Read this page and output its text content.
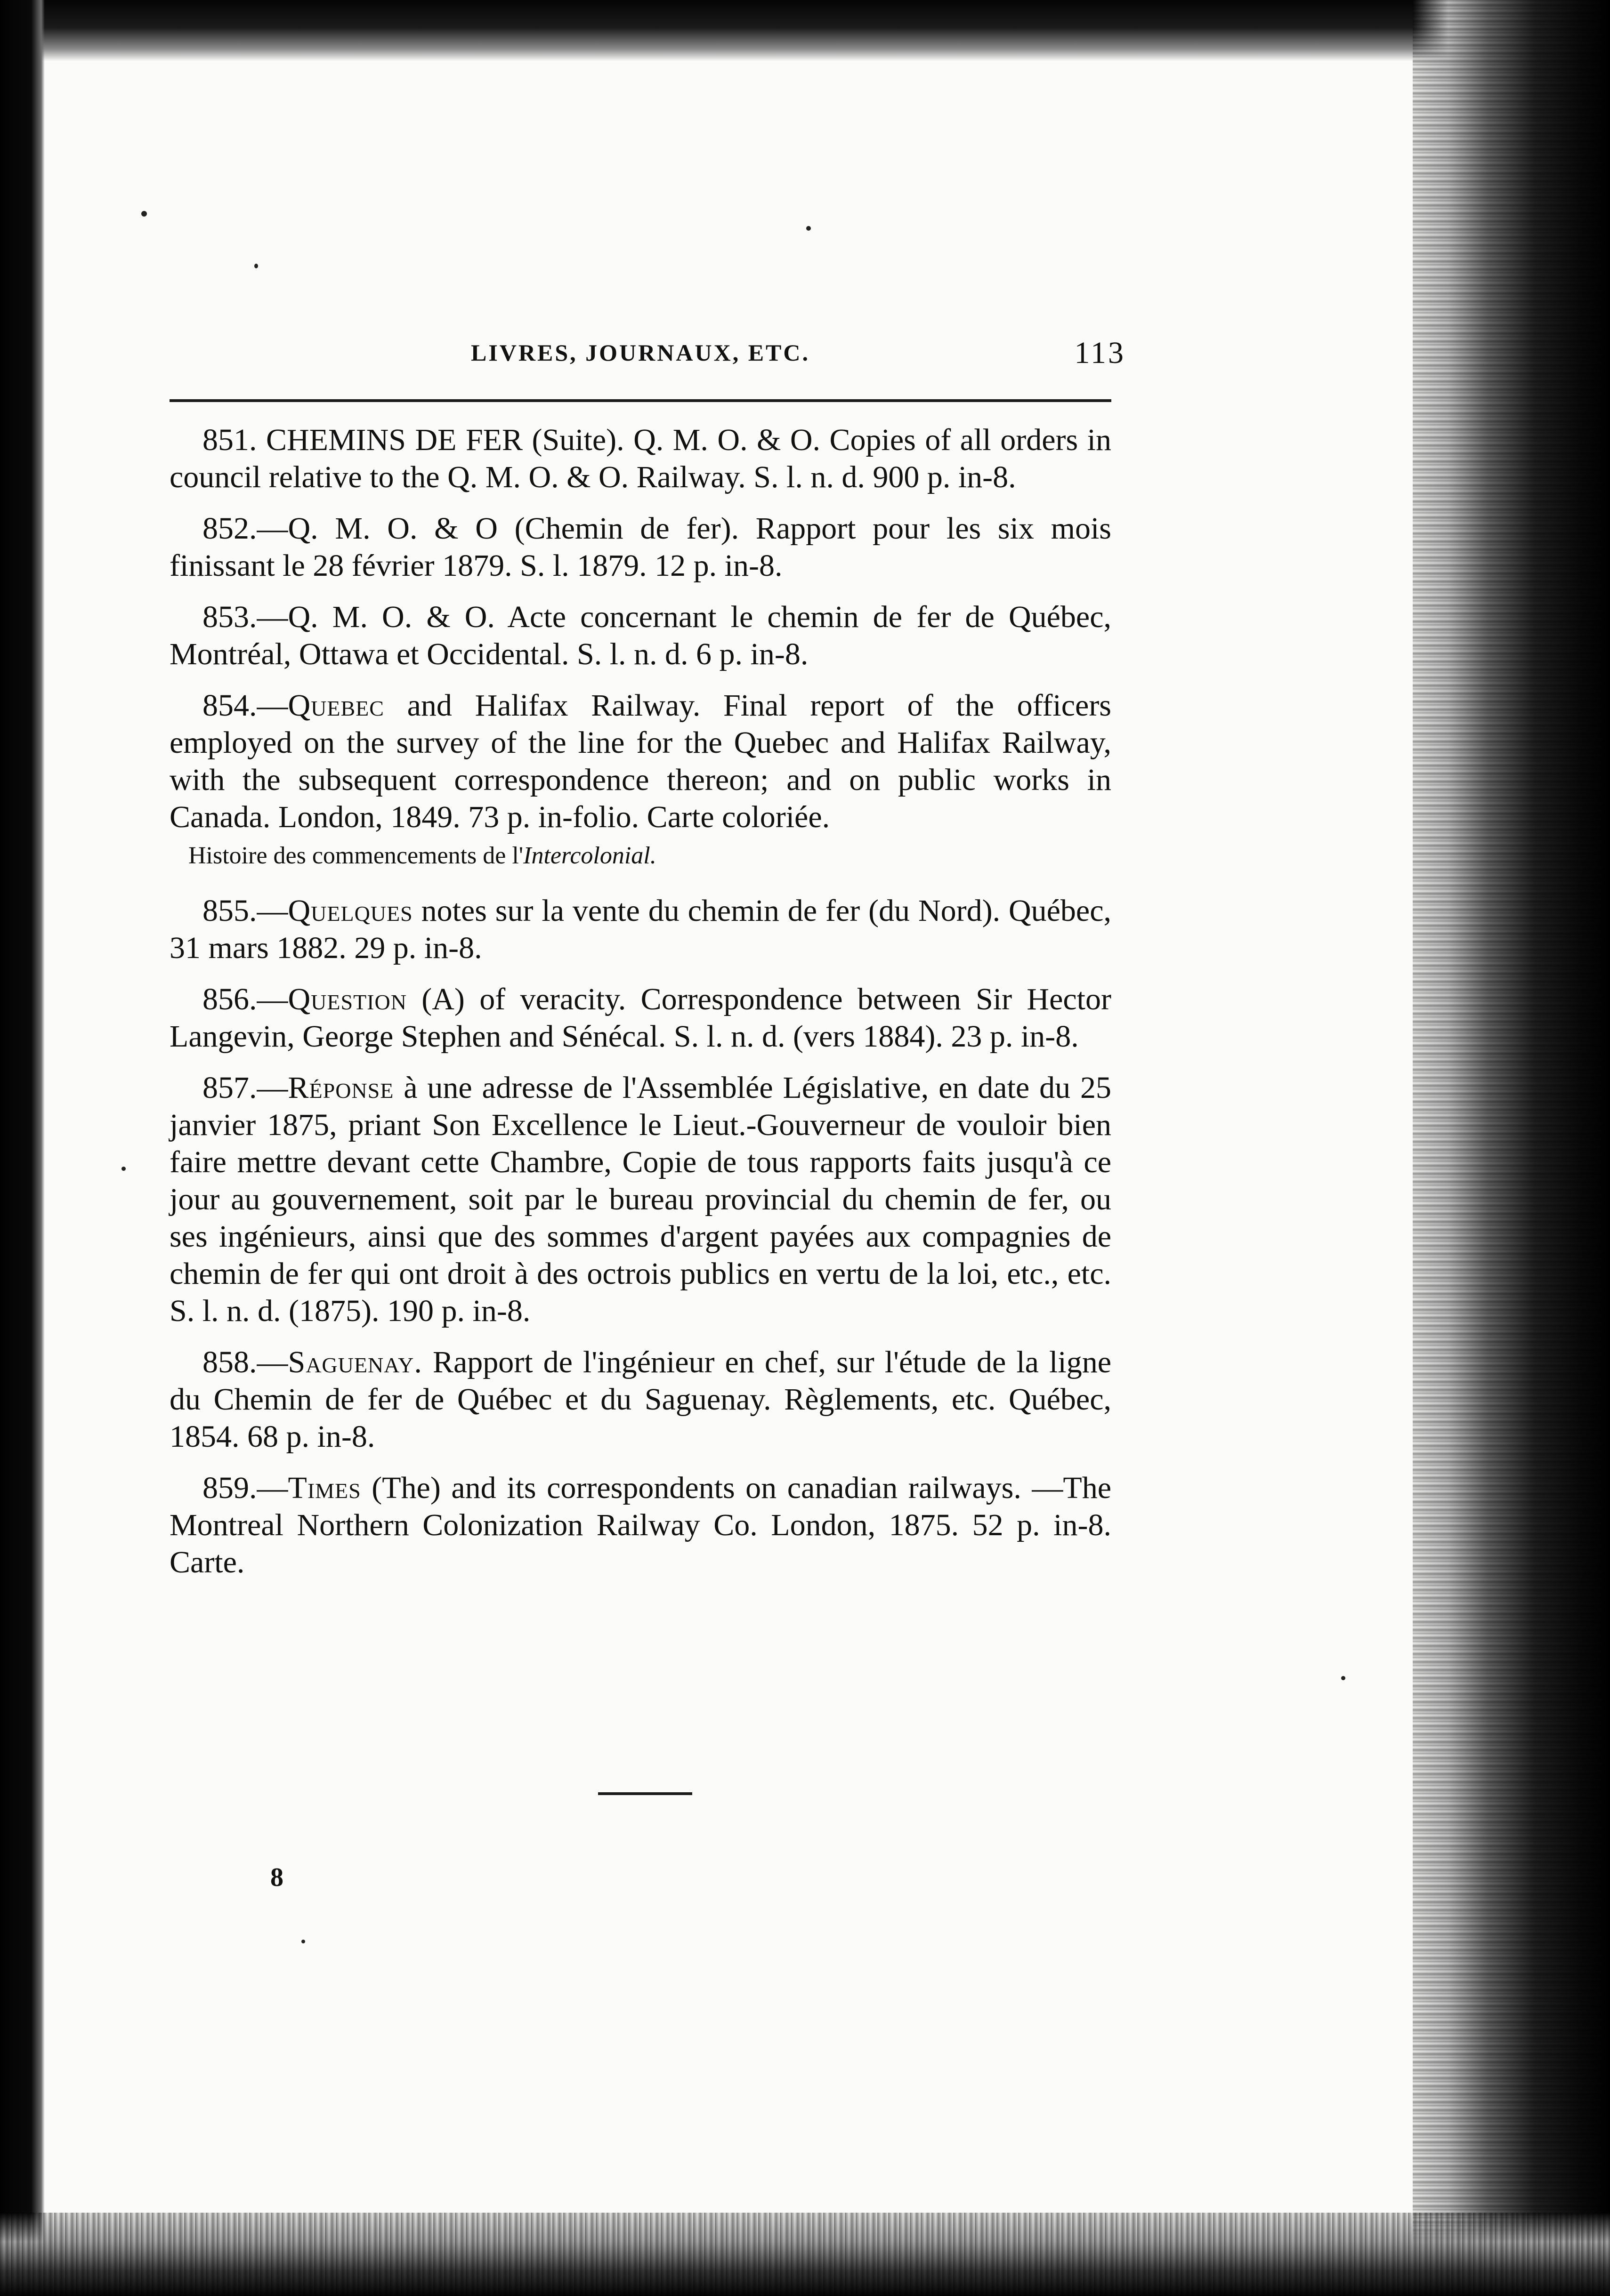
LIVRES, JOURNAUX, ETC.	113

851. CHEMINS DE FER (Suite). Q. M. O. & O. Copies of all orders in council relative to the Q. M. O. & O. Railway. S. l. n. d. 900 p. in-8.

852.—Q. M. O. & O (Chemin de fer). Rapport pour les six mois finissant le 28 février 1879. S. l. 1879. 12 p. in-8.

853.—Q. M. O. & O. Acte concernant le chemin de fer de Québec, Montréal, Ottawa et Occidental. S. l. n. d. 6 p. in-8.

854.—Quebec and Halifax Railway. Final report of the officers employed on the survey of the line for the Quebec and Halifax Railway, with the subsequent correspondence thereon; and on public works in Canada. London, 1849. 73 p. in-folio. Carte coloriée.

Histoire des commencements de l'Intercolonial.

855.—Quelques notes sur la vente du chemin de fer (du Nord). Québec, 31 mars 1882. 29 p. in-8.

856.—Question (A) of veracity. Correspondence between Sir Hector Langevin, George Stephen and Sénécal. S. l. n. d. (vers 1884). 23 p. in-8.

857.—Réponse à une adresse de l'Assemblée Législative, en date du 25 janvier 1875, priant Son Excellence le Lieut.-Gouverneur de vouloir bien faire mettre devant cette Chambre, Copie de tous rapports faits jusqu'à ce jour au gouvernement, soit par le bureau provincial du chemin de fer, ou ses ingénieurs, ainsi que des sommes d'argent payées aux compagnies de chemin de fer qui ont droit à des octrois publics en vertu de la loi, etc., etc. S. l. n. d. (1875). 190 p. in-8.

858.—Saguenay. Rapport de l'ingénieur en chef, sur l'étude de la ligne du Chemin de fer de Québec et du Saguenay. Règlements, etc. Québec, 1854. 68 p. in-8.

859.—Times (The) and its correspondents on canadian railways. —The Montreal Northern Colonization Railway Co. London, 1875. 52 p. in-8. Carte.

8
